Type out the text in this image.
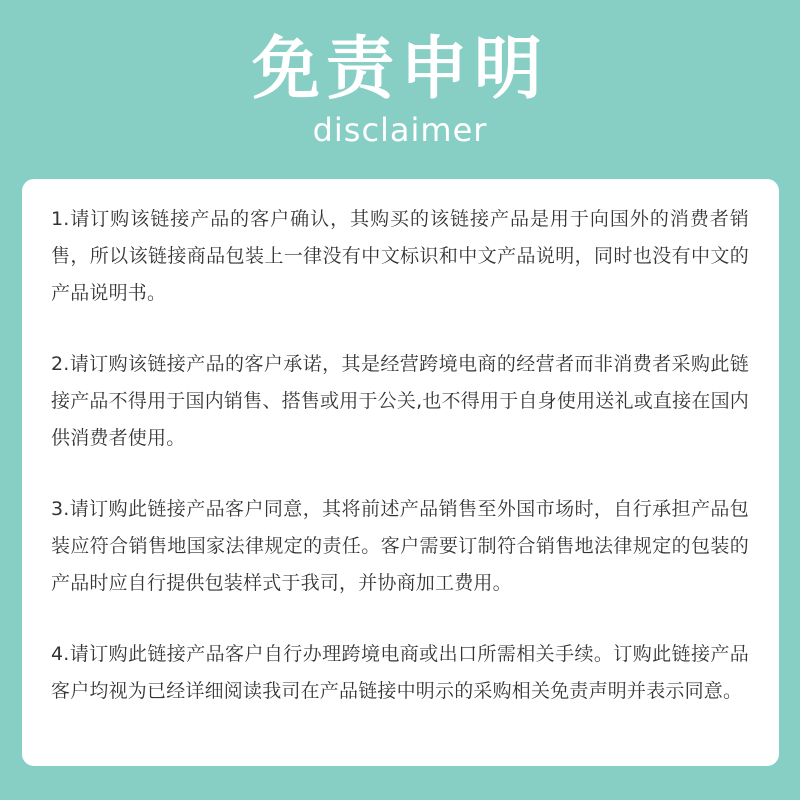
免责申明
disclaimer

1.请订购该链接产品的客户确认，其购买的该链接产品是用于向国外的消费者销售，所以该链接商品包装上一律没有中文标识和中文产品说明，同时也没有中文的产品说明书。

2.请订购该链接产品的客户承诺，其是经营跨境电商的经营者而非消费者采购此链接产品不得用于国内销售、搭售或用于公关,也不得用于自身使用送礼或直接在国内供消费者使用。

3.请订购此链接产品客户同意，其将前述产品销售至外国市场时，自行承担产品包装应符合销售地国家法律规定的责任。客户需要订制符合销售地法律规定的包装的产品时应自行提供包装样式于我司，并协商加工费用。

4.请订购此链接产品客户自行办理跨境电商或出口所需相关手续。订购此链接产品客户均视为已经详细阅读我司在产品链接中明示的采购相关免责声明并表示同意。
